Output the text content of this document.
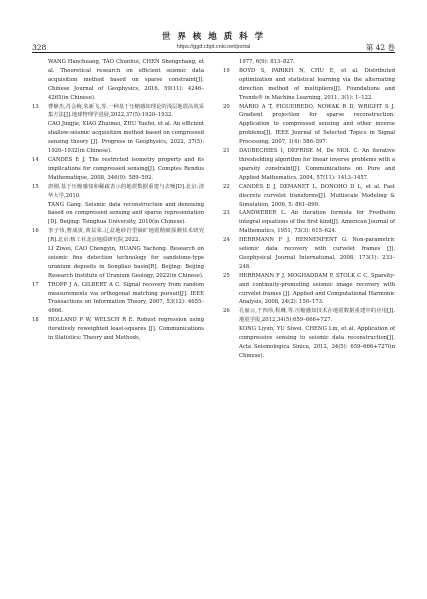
世 界 核 地 质 科 学
328	https://ggd.cbpt.cnki.net/portal	第 42 卷

WANG Hanchuang, TAO Chunhui, CHEN Shengchang, et al. Theoretical research on efficient seismic data acquisition method based on sparse constraint[J]. Chinese Journal of Geophysics, 2016, 59(11): 4246–4265(in Chinese).

13	曹静杰,肖会梅,朱新飞,等.一种基于压缩感知理论的浅层地震高效采集方法[J].地球物理学进展,2022,37(5):1920–1932.

CAO Jingjie, XIAO Zhuimei, ZHU Yuefei, et al. An efficient shallow-seismic acquisition method based on compressed sensing theory [J]. Progress in Geophysics, 2022, 37(5): 1920–1932(in Chinese).

14	CANDÈS E J. The restricted isometry property and its implications for compressed sensing[J]. Comptes Rendus Mathematique, 2008, 346(9): 589–592.

15	唐刚.基于压缩感知和稀疏表示的地震数据重建与去噪[D].北京:清华大学,2010.

TANG Gang. Seismic data reconstruction and denoising based on compressed sensing and sparse representation [D]. Beijing: Tsinghua University, 2010(in Chinese).

16	李子伟,曹成寅,黄益荣.辽盆地砂岩型铀矿地震精细探测技术研究[R].北京:核工业北京地质研究院,2022.

LI Ziwei, CAO Chengyin, HUANG Yachong. Research on seismic fine detection technology for sandstone-type uranium deposits in Songliao basin[R]. Beijing: Beijing Research Institute of Uranium Geology, 2022(in Chinese).

17	TROPP J A, GILBERT A C. Signal recovery from random measurements via orthogonal matching pursuit[J]. IEEE Transactions on Information Theory, 2007, 53(12): 4655–4666.

18	HOLLAND P W, WELSCH R E. Robust regression using iteratively reweighted least-squares [J]. Communications in Statistics: Theory and Methods,

1977, 6(9): 813–827.

19	BOYD S, PARIKH N, CHU E, et al. Distributed optimization and statistical learning via the alternating direction method of multipliers[J]. Foundations and Trends® in Machine Learning, 2011, 3(1): 1–122.

20	MÁRIO A T, FIGUEIREDO, NOWAK R D, WRIGHT S J. Gradient projection for sparse reconstruction: Application to compressed sensing and other inverse problems[J]. IEEE Journal of Selected Topics in Signal Processing, 2007, 1(4): 586–597.

21	DAUBECHIES I, DEFRISE M, De MOL C. An iterative thresholding algorithm for linear inverse problems with a sparsity constraint[J]. Communications on Pure and Applied Mathematics, 2004, 57(11): 1413–1457.

22	CANDÈS E J, DEMANET L, DONOHO D L, et al. Fast discrete curvelet transforms[J]. Multiscale Modeling & Simulation, 2006, 5: 861–899.

23	LANDWEBER L. An iteration formula for Fredholm integral equations of the first kind[J]. American Journal of Mathematics, 1951, 73(3): 615–624.

24	HERRMANN F J, HENNENFENT G. Non-parametric seismic data recovery with curvelet frames [J]. Geophysical Journal International, 2008, 173(1): 233–248.

25	HERRMANN F J, MOGHADDAM P, STOLK C C. Sparsity-and continuity-promoting seismic image recovery with curvelet frames [J]. Applied and Computational Harmonic Analysis, 2008, 24(2): 150–173.

26	孔丽云,于四伟,程琳,等.压缩感知技术在地震数据重建中的应用[J].地震学报,2012,34(5):659–666+727.

KONG Liyun, YU Siwei, CHENG Lin, et al. Application of compressive sensing to seismic data reconstruction[J]. Acta Seismologica Sinica, 2012, 34(5): 659–666+727(in Chinese).
